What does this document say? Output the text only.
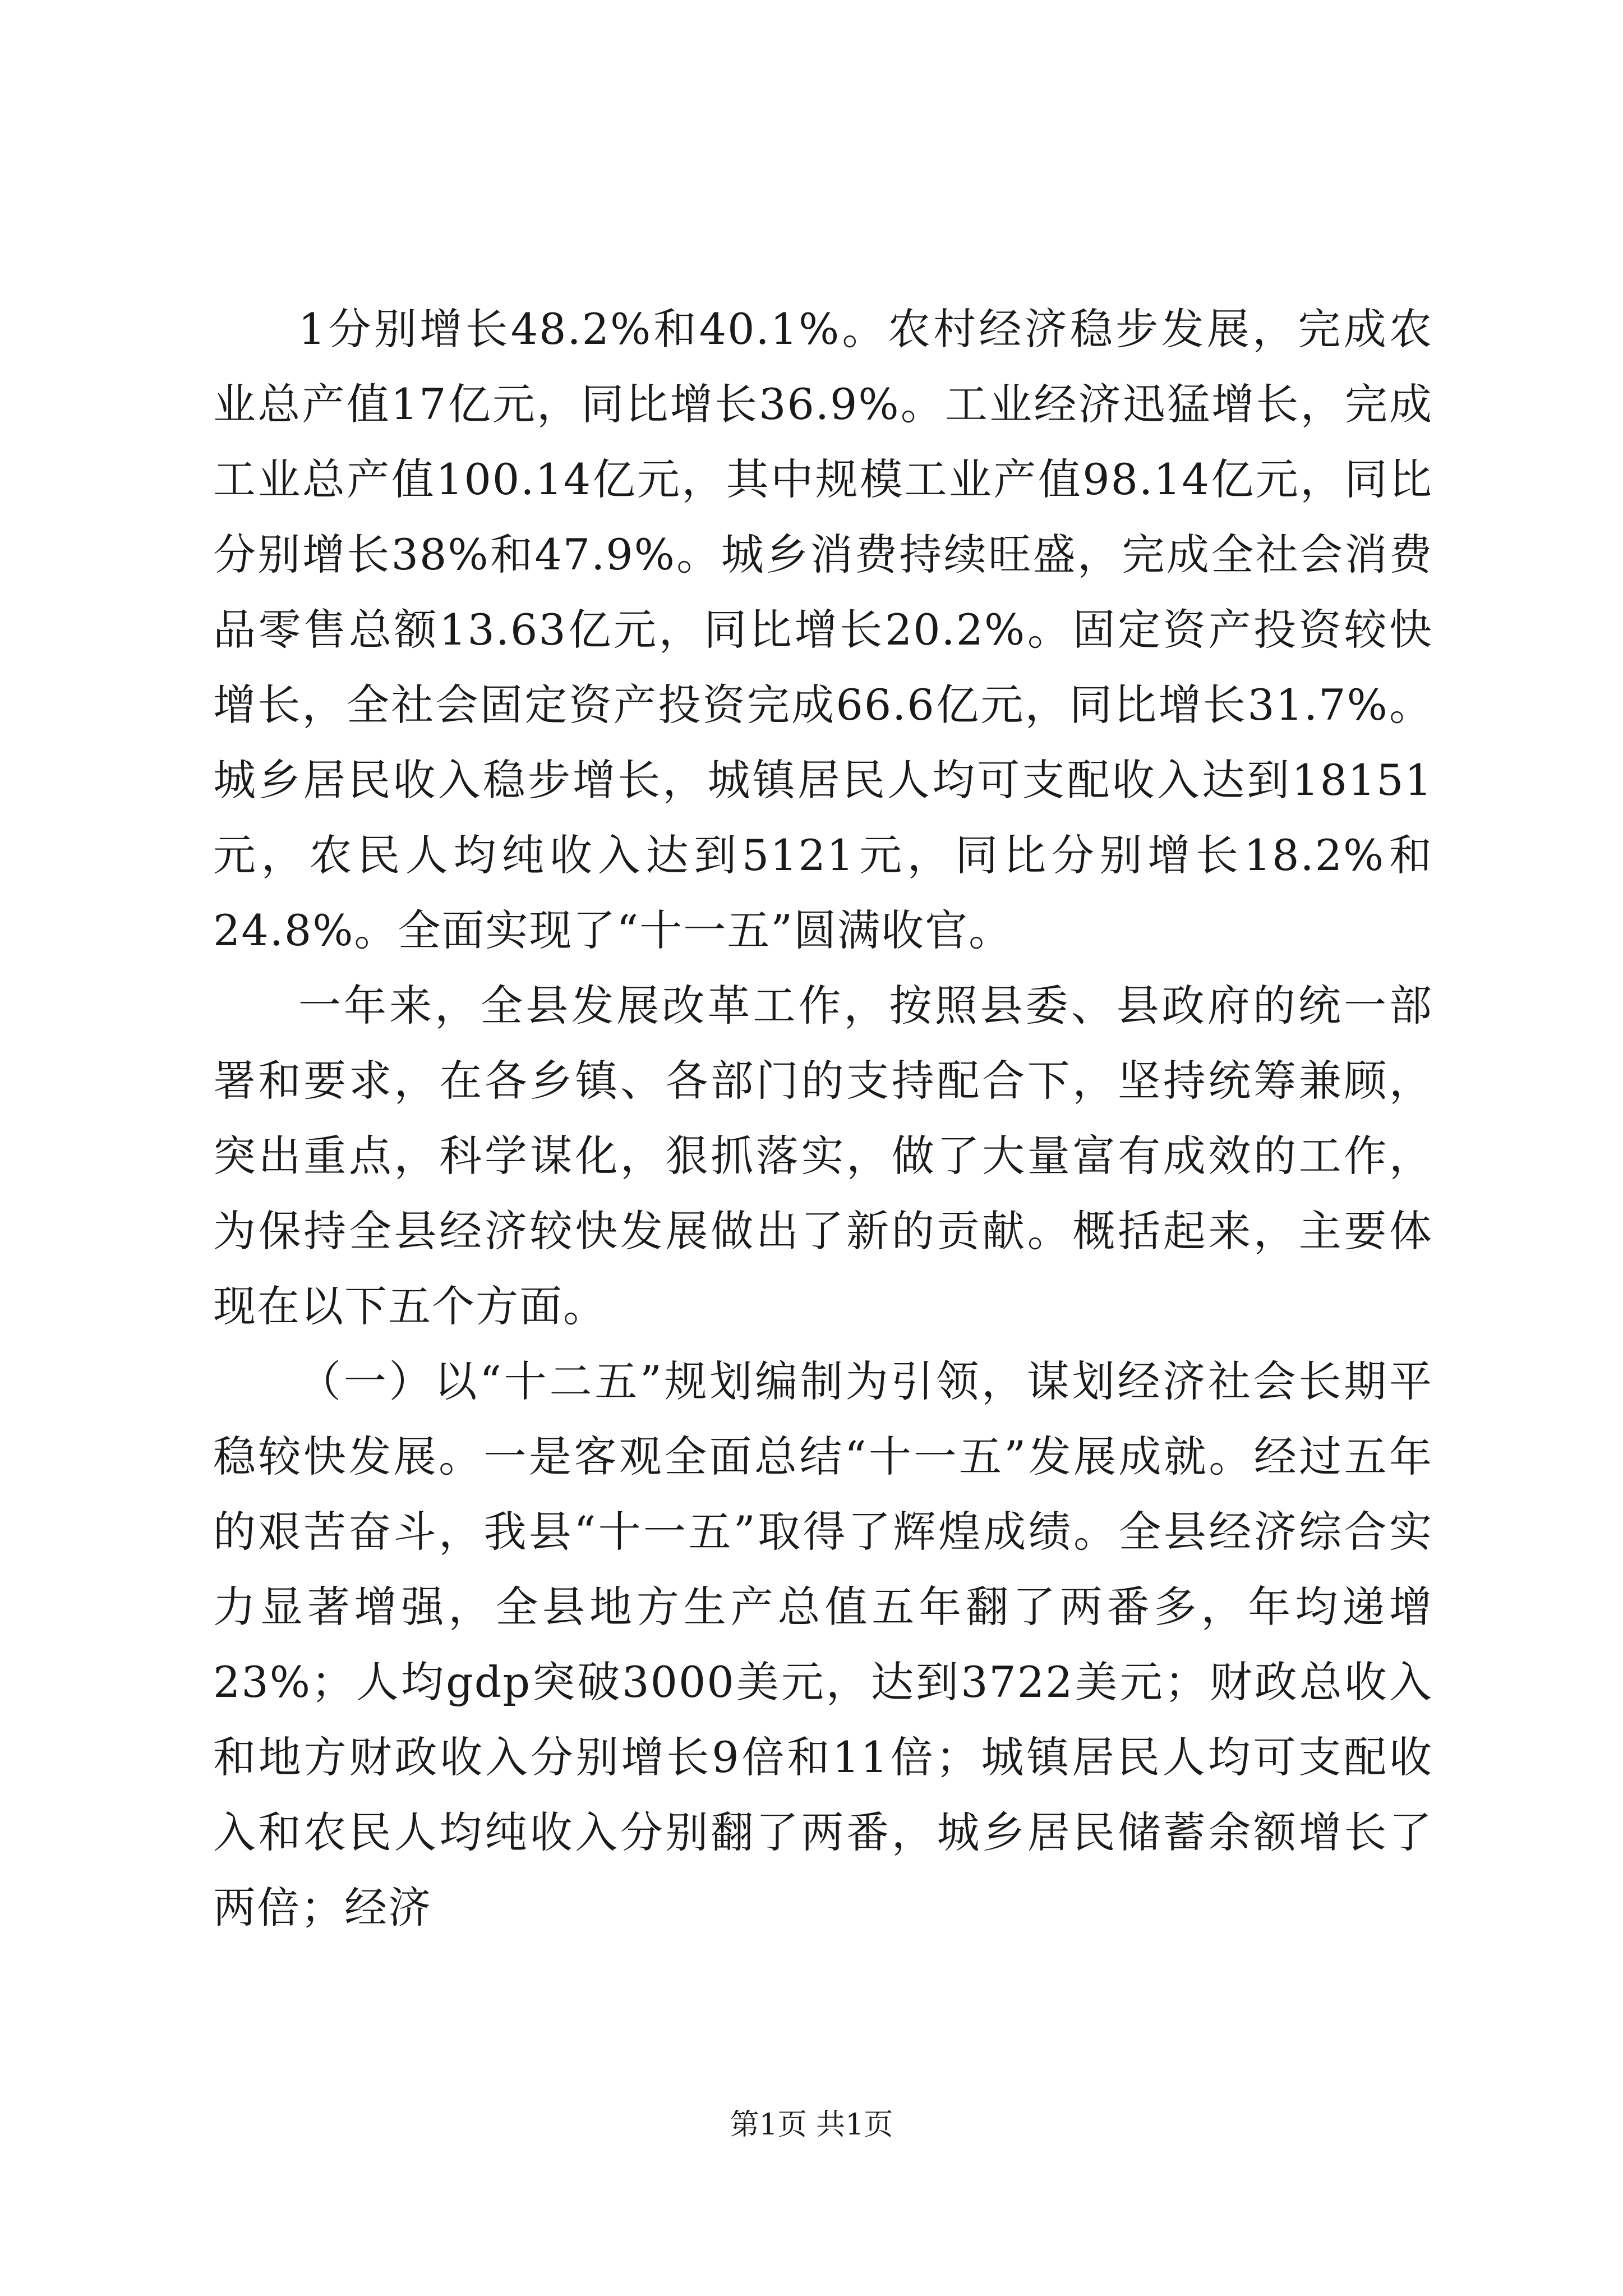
1分别增长48.2%和40.1%。农村经济稳步发展，完成农业总产值17亿元，同比增长36.9%。工业经济迅猛增长，完成工业总产值100.14亿元，其中规模工业产值98.14亿元，同比分别增长38%和47.9%。城乡消费持续旺盛，完成全社会消费品零售总额13.63亿元，同比增长20.2%。固定资产投资较快增长，全社会固定资产投资完成66.6亿元，同比增长31.7%。城乡居民收入稳步增长，城镇居民人均可支配收入达到18151元，农民人均纯收入达到5121元，同比分别增长18.2%和24.8%。全面实现了“十一五”圆满收官。

一年来，全县发展改革工作，按照县委、县政府的统一部署和要求，在各乡镇、各部门的支持配合下，坚持统筹兼顾，突出重点，科学谋化，狠抓落实，做了大量富有成效的工作，为保持全县经济较快发展做出了新的贡献。概括起来，主要体现在以下五个方面。

（一）以“十二五”规划编制为引领，谋划经济社会长期平稳较快发展。一是客观全面总结“十一五”发展成就。经过五年的艰苦奋斗，我县“十一五”取得了辉煌成绩。全县经济综合实力显著增强，全县地方生产总值五年翻了两番多，年均递增23%；人均gdp突破3000美元，达到3722美元；财政总收入和地方财政收入分别增长9倍和11倍；城镇居民人均可支配收入和农民人均纯收入分别翻了两番，城乡居民储蓄余额增长了两倍；经济

第1页 共1页
